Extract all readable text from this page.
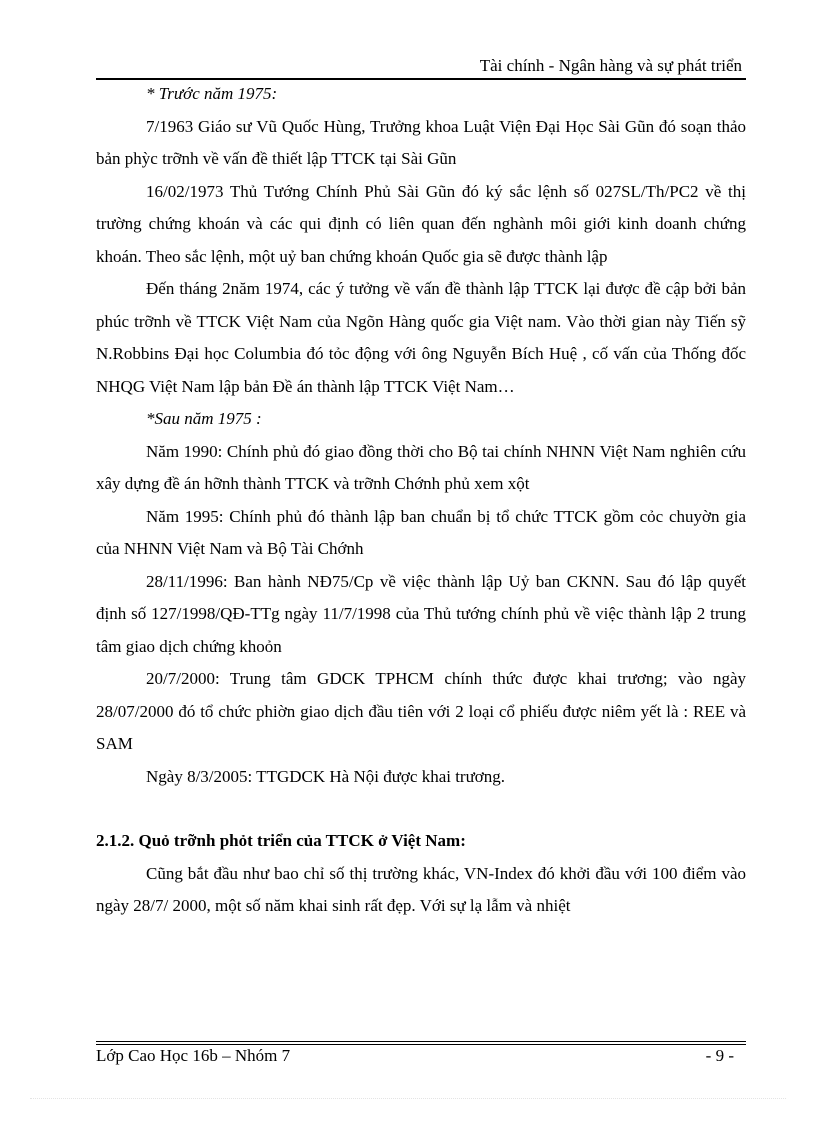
Tài chính - Ngân hàng và sự phát triển

* Trước năm 1975:

7/1963 Giáo sư Vũ Quốc Hùng, Trưởng khoa Luật Viện Đại Học Sài Gũn đó soạn thảo bản phỳc trỡnh về vấn đề thiết lập TTCK tại Sài Gũn

16/02/1973 Thủ Tướng Chính Phủ Sài Gũn đó ký sắc lệnh số 027SL/Th/PC2 về thị trường chứng khoán và các qui định có liên quan đến nghành môi giới kinh doanh chứng khoán. Theo sắc lệnh, một uỷ ban chứng khoán Quốc gia sẽ được thành lập

Đến tháng 2năm 1974, các ý tưởng về vấn đề thành lập TTCK lại được đề cập bởi bản phúc trỡnh về TTCK Việt Nam của Ngõn Hàng quốc gia Việt nam. Vào thời gian này Tiến sỹ N.Robbins Đại học Columbia đó tỏc động với ông Nguyễn Bích Huệ , cố vấn của Thống đốc NHQG Việt Nam lập bản Đề án thành lập TTCK Việt Nam…

*Sau năm 1975 :

Năm 1990: Chính phủ đó giao đồng thời cho Bộ tai chính NHNN Việt Nam nghiên cứu xây dựng đề án hỡnh thành TTCK và trỡnh Chớnh phủ xem xột

Năm 1995: Chính phủ đó thành lập ban chuẩn bị tổ chức TTCK gồm cỏc chuyờn gia của NHNN Việt Nam và Bộ Tài Chớnh

28/11/1996: Ban hành NĐ75/Cp về việc thành lập Uỷ ban CKNN. Sau đó lập quyết định số 127/1998/QĐ-TTg ngày 11/7/1998 của Thủ tướng chính phủ về việc thành lập 2 trung tâm giao dịch chứng khoỏn

20/7/2000: Trung tâm GDCK TPHCM chính thức được khai trương; vào ngày 28/07/2000 đó tổ chức phiờn giao dịch đầu tiên với 2 loại cổ phiếu được niêm yết là : REE và SAM

Ngày 8/3/2005: TTGDCK Hà Nội được khai trương.

2.1.2. Quỏ trỡnh phỏt triển của TTCK ở Việt Nam:

Cũng bắt đầu như bao chỉ số thị trường khác, VN-Index đó khởi đầu với 100 điểm vào ngày 28/7/ 2000, một số năm khai sinh rất đẹp. Với sự lạ lẫm và nhiệt

Lớp Cao Học 16b – Nhóm 7	- 9 -
